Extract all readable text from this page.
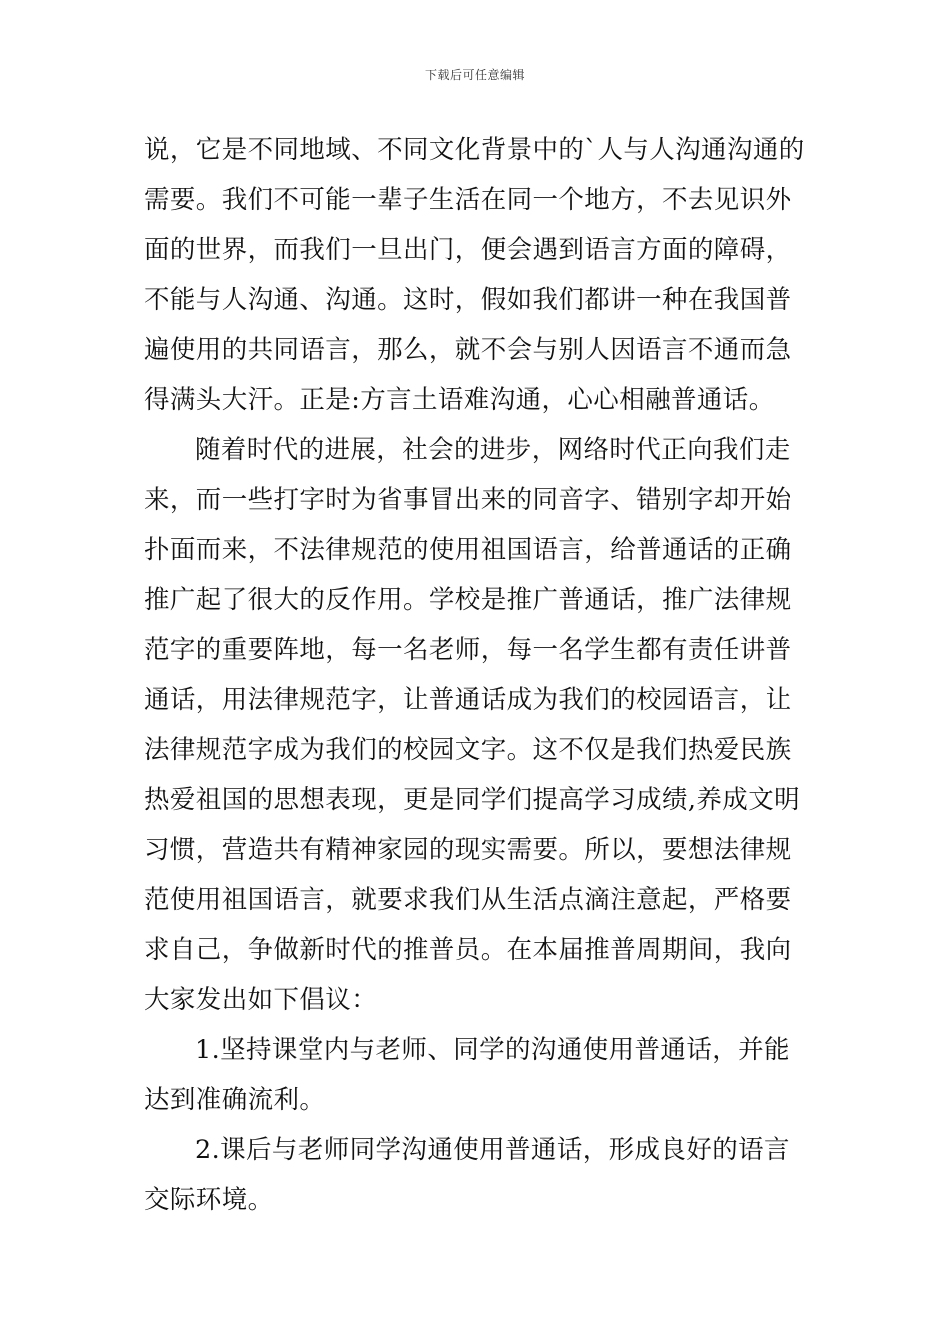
下载后可任意编辑
说，它是不同地域、不同文化背景中的`人与人沟通沟通的
需要。我们不可能一辈子生活在同一个地方，不去见识外
面的世界，而我们一旦出门，便会遇到语言方面的障碍，
不能与人沟通、沟通。这时，假如我们都讲一种在我国普
遍使用的共同语言，那么，就不会与别人因语言不通而急
得满头大汗。正是:方言土语难沟通，心心相融普通话。
随着时代的进展，社会的进步，网络时代正向我们走
来，而一些打字时为省事冒出来的同音字、错别字却开始
扑面而来，不法律规范的使用祖国语言，给普通话的正确
推广起了很大的反作用。学校是推广普通话，推广法律规
范字的重要阵地，每一名老师，每一名学生都有责任讲普
通话，用法律规范字，让普通话成为我们的校园语言，让
法律规范字成为我们的校园文字。这不仅是我们热爱民族
热爱祖国的思想表现，更是同学们提高学习成绩,养成文明
习惯，营造共有精神家园的现实需要。所以，要想法律规
范使用祖国语言，就要求我们从生活点滴注意起，严格要
求自己，争做新时代的推普员。在本届推普周期间，我向
大家发出如下倡议：
1.坚持课堂内与老师、同学的沟通使用普通话，并能
达到准确流利。
2.课后与老师同学沟通使用普通话，形成良好的语言
交际环境。
